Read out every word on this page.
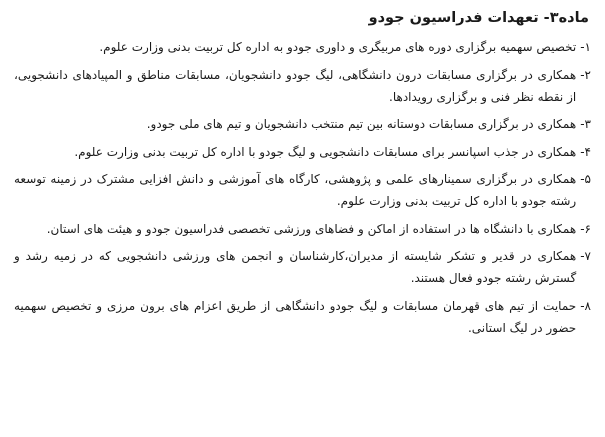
ماده۳- تعهدات فدراسیون جودو
۱-
تخصیص سهمیه برگزاری دوره های مربیگری و داوری جودو به اداره کل تربیت بدنی وزارت علوم.
۲-
همکاری در برگزاری مسابقات درون دانشگاهی، لیگ جودو دانشجویان، مسابقات مناطق و المپیادهای دانشجویی، از نقطه نظر فنی و برگزاری رویدادها.
۳-
همکاری در برگزاری مسابقات دوستانه بین تیم منتخب دانشجویان و تیم های ملی جودو.
۴-
همکاری در جذب اسپانسر برای مسابقات دانشجویی و لیگ جودو با اداره کل تربیت بدنی وزارت علوم.
۵-
همکاری در برگزاری سمینارهای علمی و پژوهشی، کارگاه های آموزشی و دانش افزایی مشترک در زمینه توسعه رشته جودو با اداره کل تربیت بدنی وزارت علوم.
۶-
همکاری با دانشگاه ها در استفاده از اماکن و فضاهای ورزشی تخصصی فدراسیون جودو و هیئت های استان.
۷-
همکاری در قدیر و تشکر شایسته از مدیران،کارشناسان و انجمن های ورزشی دانشجویی که در زمیه رشد و گسترش رشته جودو فعال هستند.
۸-
حمایت از تیم های قهرمان مسابقات و لیگ جودو دانشگاهی از طریق اعزام های برون مرزی و تخصیص سهمیه حضور در لیگ استانی.
